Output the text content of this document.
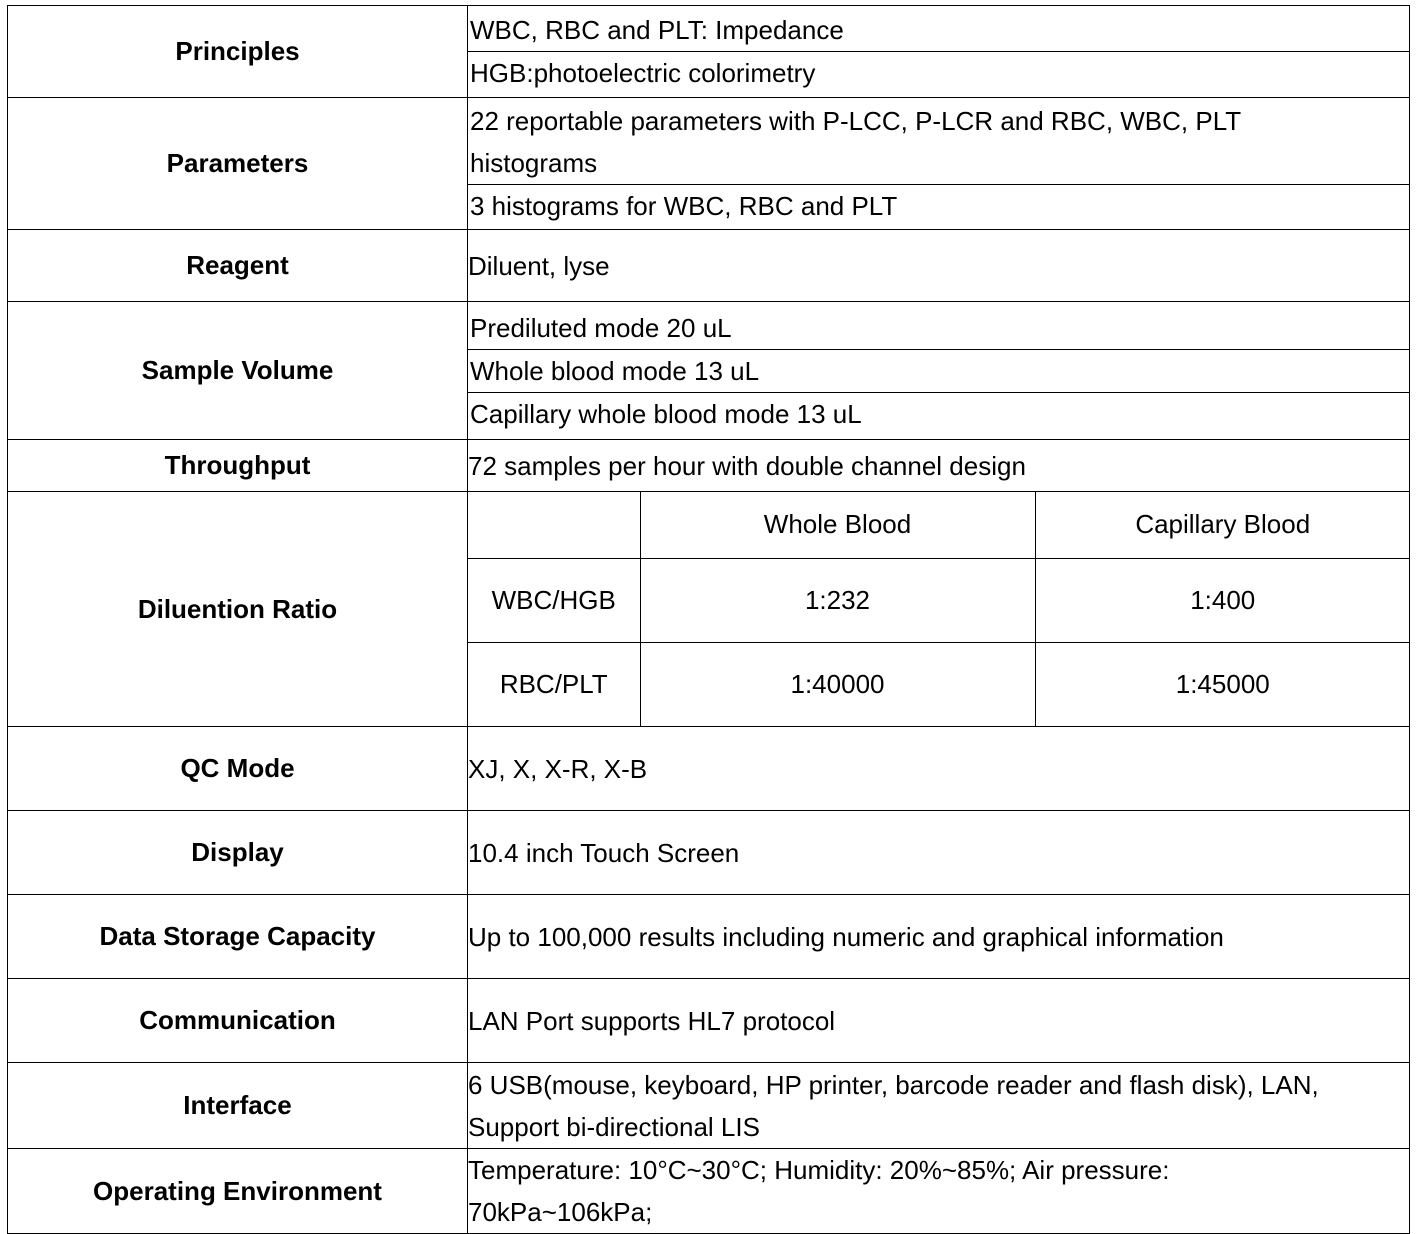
Principles	
WBC, RBC and PLT: Impedance
HGB:photoelectric colorimetry

Parameters	
22 reportable parameters with P-LCC, P-LCR and RBC, WBC, PLT histograms
3 histograms for WBC, RBC and PLT

Reagent	Diluent, lyse
Sample Volume	
Prediluted mode 20 uL
Whole blood mode 13 uL
Capillary whole blood mode 13 uL

Throughput	72 samples per hour with double channel design
Diluention Ratio	
	Whole Blood	Capillary Blood
WBC/HGB	1:232	1:400
RBC/PLT	1:40000	1:45000

QC Mode	XJ, X, X-R, X-B
Display	10.4 inch Touch Screen
Data Storage Capacity	Up to 100,000 results including numeric and graphical information
Communication	LAN Port supports HL7 protocol
Interface	6 USB(mouse, keyboard, HP printer, barcode reader and flash disk), LAN, Support bi-directional LIS
Operating Environment	Temperature: 10°C~30°C; Humidity: 20%~85%; Air pressure: 70kPa~106kPa;
